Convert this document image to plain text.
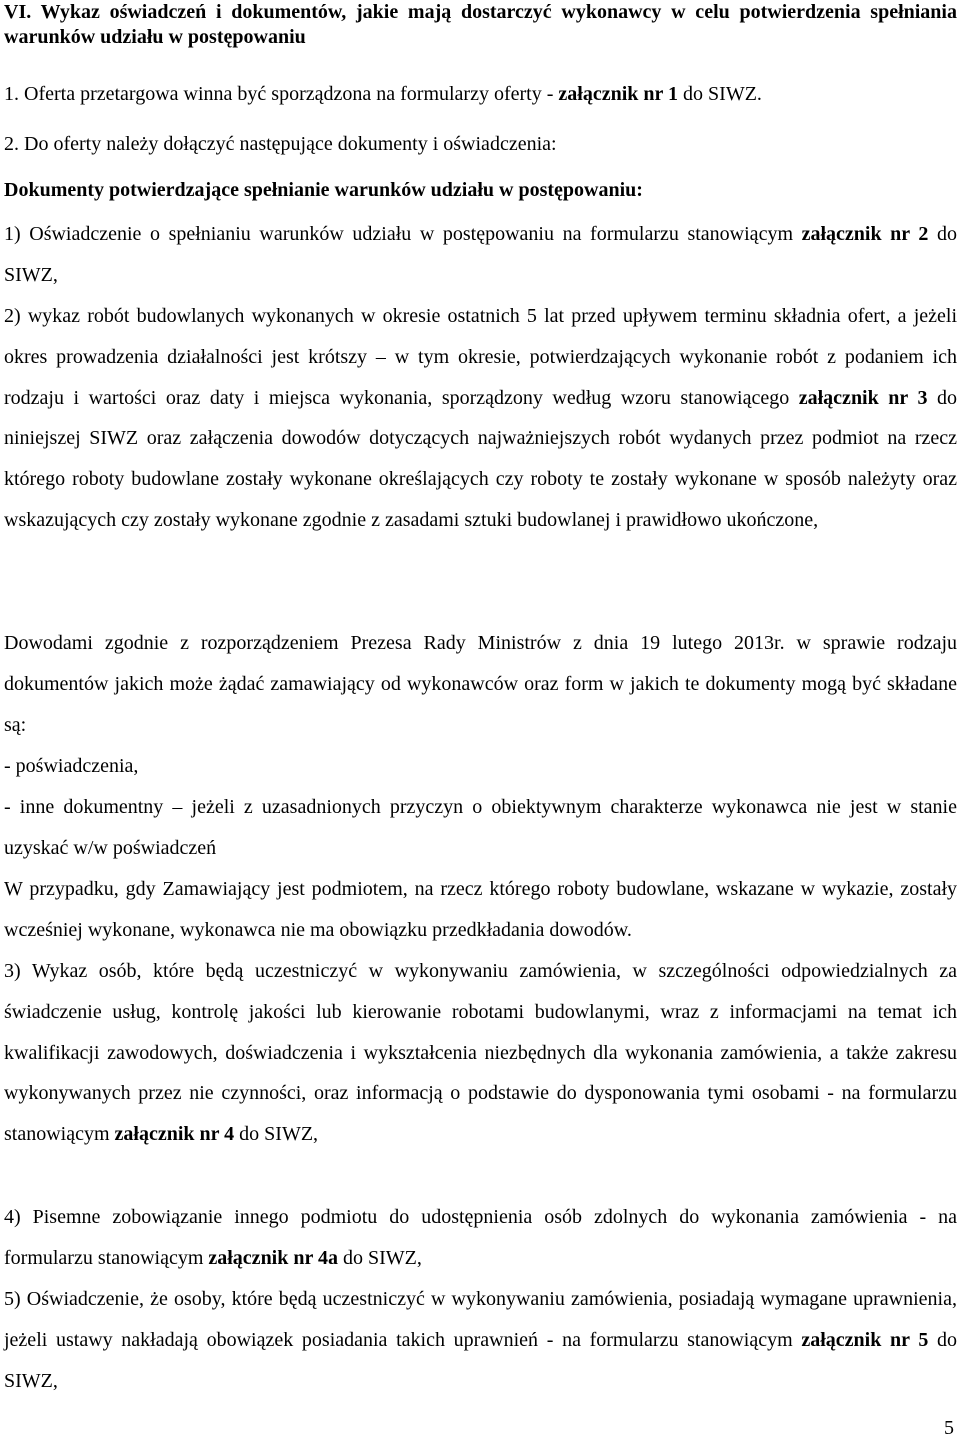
VI. Wykaz oświadczeń i dokumentów, jakie mają dostarczyć wykonawcy w celu potwierdzenia spełniania warunków udziału w postępowaniu
1. Oferta przetargowa winna być sporządzona na formularzy oferty - załącznik nr 1 do SIWZ.
2. Do oferty należy dołączyć następujące dokumenty i oświadczenia:
Dokumenty potwierdzające spełnianie warunków udziału w postępowaniu:
1) Oświadczenie o spełnianiu warunków udziału w postępowaniu na formularzu stanowiącym załącznik nr 2 do SIWZ,
2) wykaz robót budowlanych wykonanych w okresie ostatnich 5 lat przed upływem terminu składnia ofert, a jeżeli okres prowadzenia działalności jest krótszy – w tym okresie, potwierdzających wykonanie robót z podaniem ich rodzaju i wartości oraz daty i miejsca wykonania, sporządzony według wzoru stanowiącego załącznik nr 3 do niniejszej SIWZ oraz załączenia dowodów dotyczących najważniejszych robót wydanych przez podmiot na rzecz którego roboty budowlane zostały wykonane określających czy roboty te zostały wykonane w sposób należyty oraz wskazujących czy zostały wykonane zgodnie z zasadami sztuki budowlanej i prawidłowo ukończone,
Dowodami zgodnie z rozporządzeniem Prezesa Rady Ministrów z dnia 19 lutego 2013r. w sprawie rodzaju dokumentów jakich może żądać zamawiający od wykonawców oraz form w jakich te dokumenty mogą być składane są:
- poświadczenia,
- inne dokumentny – jeżeli z uzasadnionych przyczyn o obiektywnym charakterze wykonawca nie jest w stanie uzyskać w/w poświadczeń
W przypadku, gdy Zamawiający jest podmiotem, na rzecz którego roboty budowlane, wskazane w wykazie, zostały wcześniej wykonane, wykonawca nie ma obowiązku przedkładania dowodów.
3) Wykaz osób, które będą uczestniczyć w wykonywaniu zamówienia, w szczególności odpowiedzialnych za świadczenie usług, kontrolę jakości lub kierowanie robotami budowlanymi, wraz z informacjami na temat ich kwalifikacji zawodowych, doświadczenia i wykształcenia niezbędnych dla wykonania zamówienia, a także zakresu wykonywanych przez nie czynności, oraz informacją o podstawie do dysponowania tymi osobami - na formularzu stanowiącym załącznik nr 4 do SIWZ,
4) Pisemne zobowiązanie innego podmiotu do udostępnienia osób zdolnych do wykonania zamówienia - na formularzu stanowiącym załącznik nr 4a do SIWZ,
5) Oświadczenie, że osoby, które będą uczestniczyć w wykonywaniu zamówienia, posiadają wymagane uprawnienia, jeżeli ustawy nakładają obowiązek posiadania takich uprawnień - na formularzu stanowiącym załącznik nr 5 do SIWZ,
5
